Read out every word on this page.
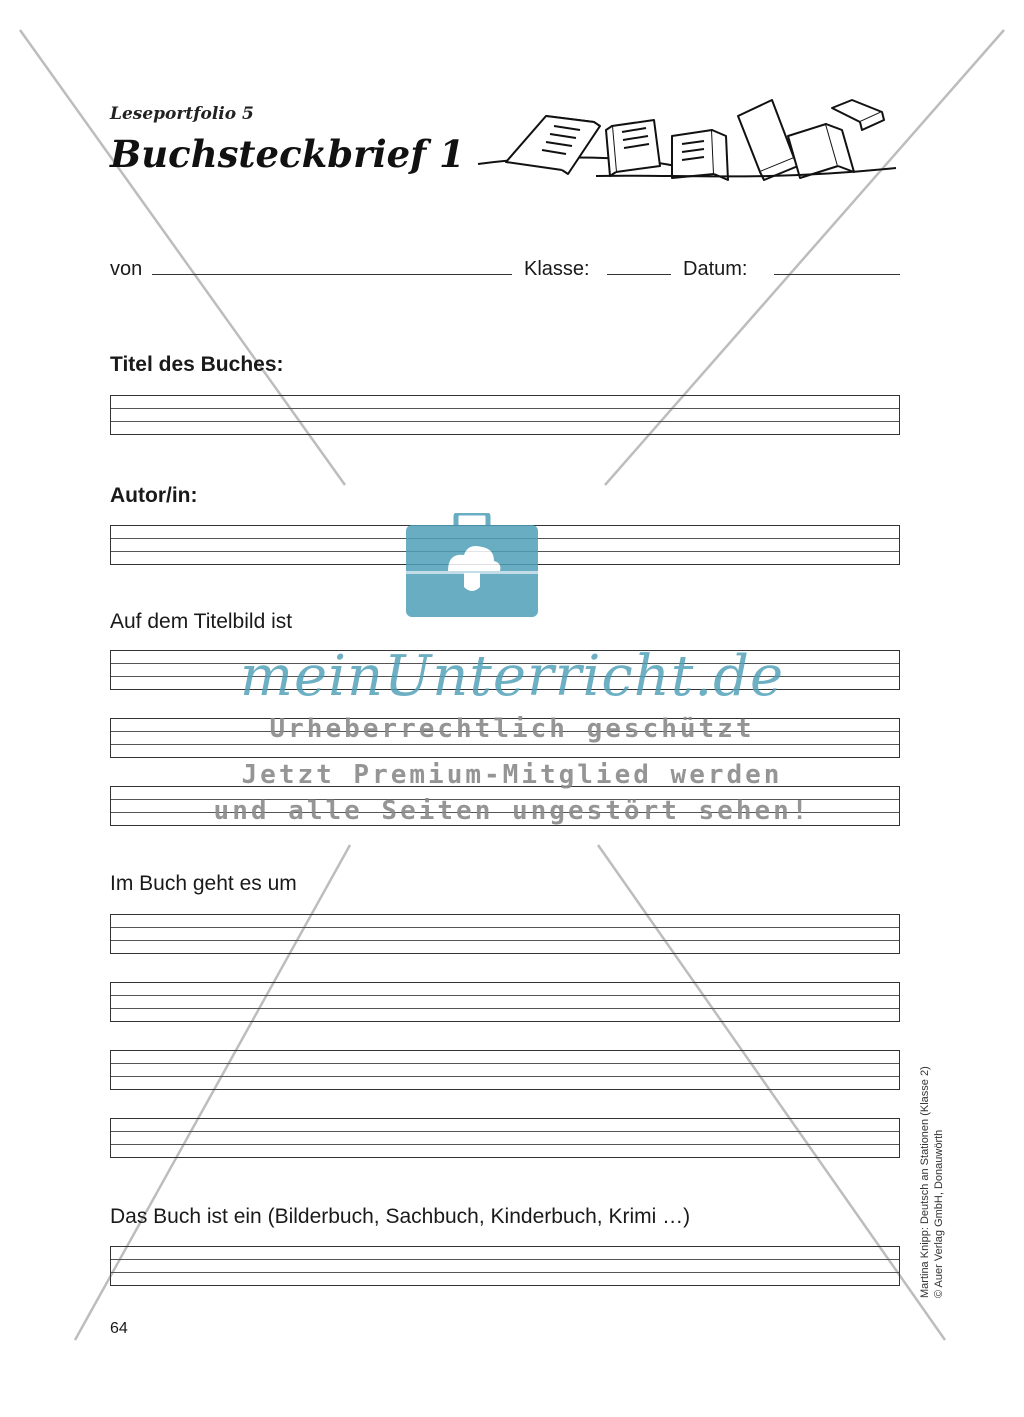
Leseportfolio 5
Buchsteckbrief 1
von	Klasse:	Datum:
Titel des Buches:
Autor/in:
Auf dem Titelbild ist
Im Buch geht es um
Das Buch ist ein (Bilderbuch, Sachbuch, Kinderbuch, Krimi …)
64
Martina Knipp: Deutsch an Stationen (Klasse 2) © Auer Verlag GmbH, Donauwörth
meinUnterricht.de
Urheberrechtlich geschützt
Jetzt Premium-Mitglied werden
und alle Seiten ungestört sehen!
